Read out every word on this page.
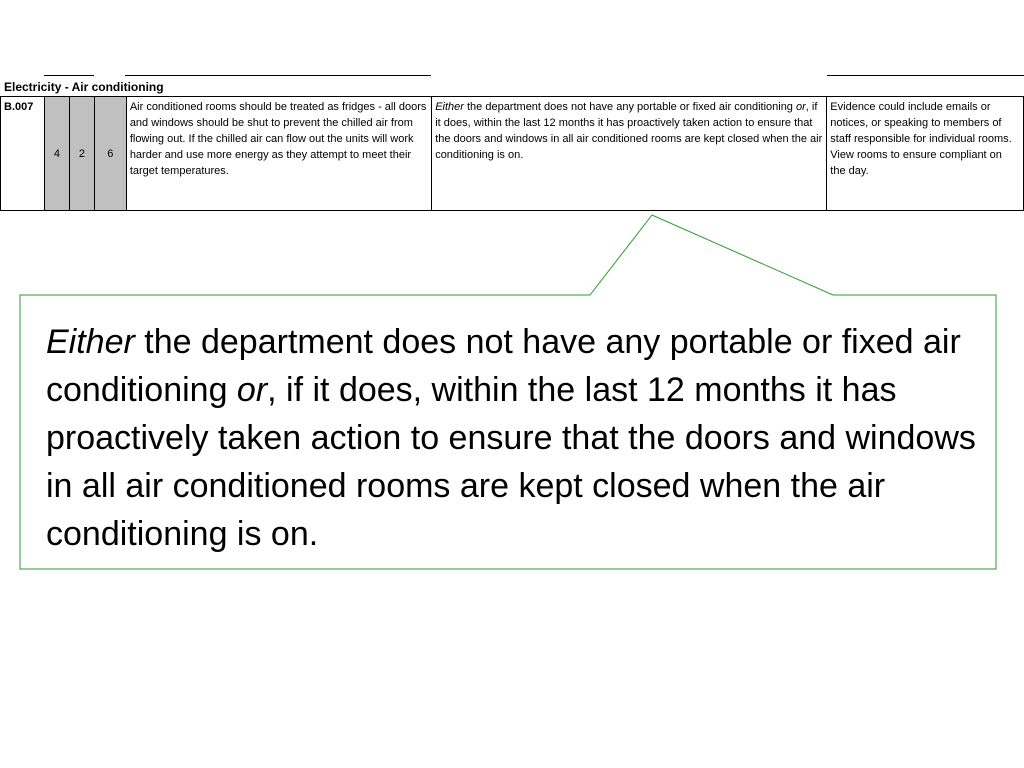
Electricity - Air conditioning
B.007	4	2	6	Air conditioned rooms should be treated as fridges - all doors and windows should be shut to prevent the chilled air from flowing out. If the chilled air can flow out the units will work harder and use more energy as they attempt to meet their target temperatures.	Either the department does not have any portable or fixed air conditioning or, if it does, within the last 12 months it has proactively taken action to ensure that the doors and windows in all air conditioned rooms are kept closed when the air conditioning is on.	Evidence could include emails or notices, or speaking to members of staff responsible for individual rooms. View rooms to ensure compliant on the day.
Either the department does not have any portable or fixed air conditioning or, if it does, within the last 12 months it has proactively taken action to ensure that the doors and windows in all air conditioned rooms are kept closed when the air conditioning is on.
